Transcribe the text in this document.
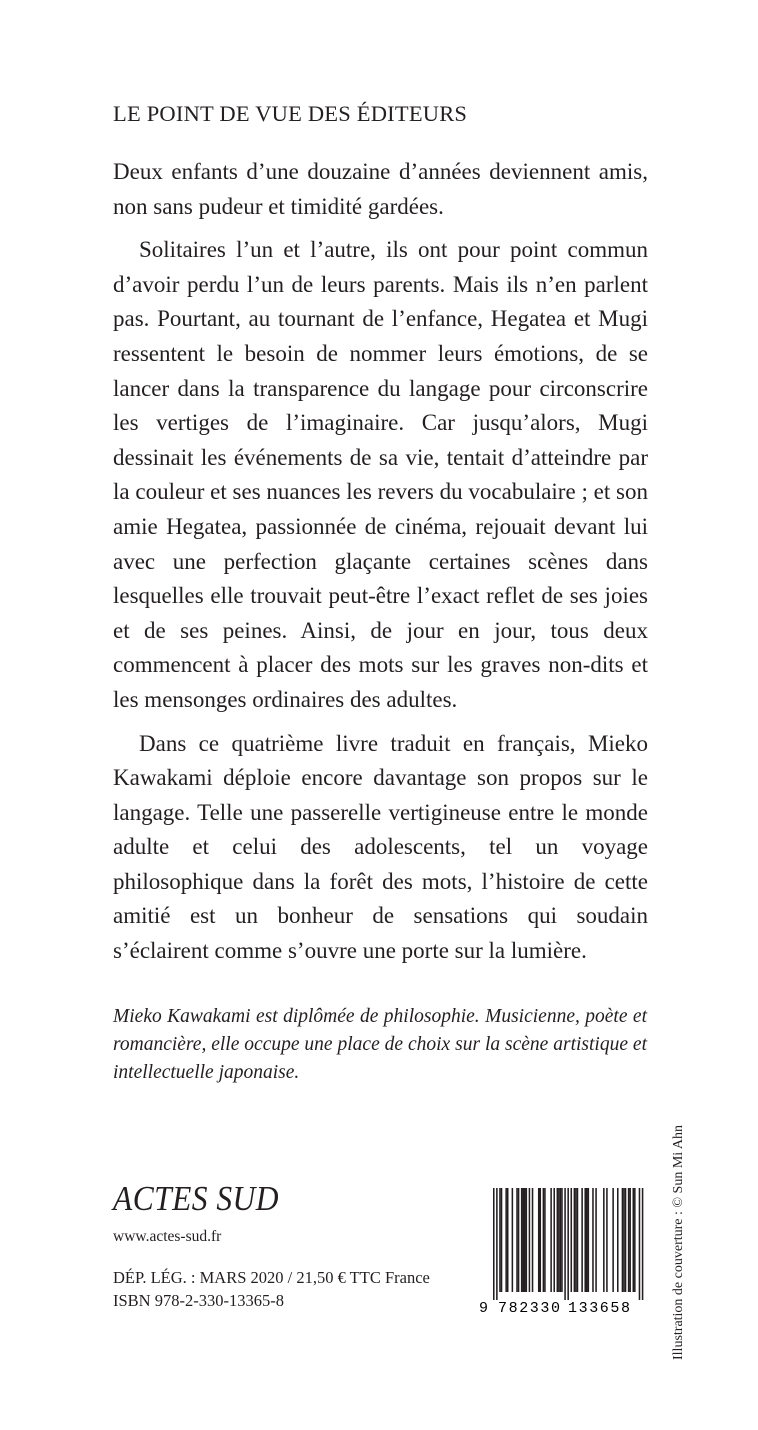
LE POINT DE VUE DES ÉDITEURS

Deux enfants d’une douzaine d’années deviennent amis, non sans pudeur et timidité gardées.

Solitaires l’un et l’autre, ils ont pour point commun d’avoir perdu l’un de leurs parents. Mais ils n’en parlent pas. Pourtant, au tournant de l’enfance, Hegatea et Mugi ressentent le besoin de nommer leurs émotions, de se lancer dans la transparence du langage pour circonscrire les vertiges de l’imaginaire. Car jusqu’alors, Mugi dessinait les événements de sa vie, tentait d’atteindre par la couleur et ses nuances les revers du vocabulaire ; et son amie Hegatea, passionnée de cinéma, rejouait devant lui avec une perfection glaçante certaines scènes dans lesquelles elle trouvait peut-être l’exact reflet de ses joies et de ses peines. Ainsi, de jour en jour, tous deux commencent à placer des mots sur les graves non-dits et les mensonges ordinaires des adultes.

Dans ce quatrième livre traduit en français, Mieko Kawakami déploie encore davantage son propos sur le langage. Telle une passerelle vertigineuse entre le monde adulte et celui des adolescents, tel un voyage philosophique dans la forêt des mots, l’histoire de cette amitié est un bonheur de sensations qui soudain s’éclairent comme s’ouvre une porte sur la lumière.

Mieko Kawakami est diplômée de philosophie. Musicienne, poète et romancière, elle occupe une place de choix sur la scène artistique et intellectuelle japonaise.

ACTES SUD
www.actes-sud.fr
DÉP. LÉG. : MARS 2020 / 21,50 € TTC France
ISBN 978-2-330-13365-8	9 782330 133658	Illustration de couverture : © Sun Mi Ahn
